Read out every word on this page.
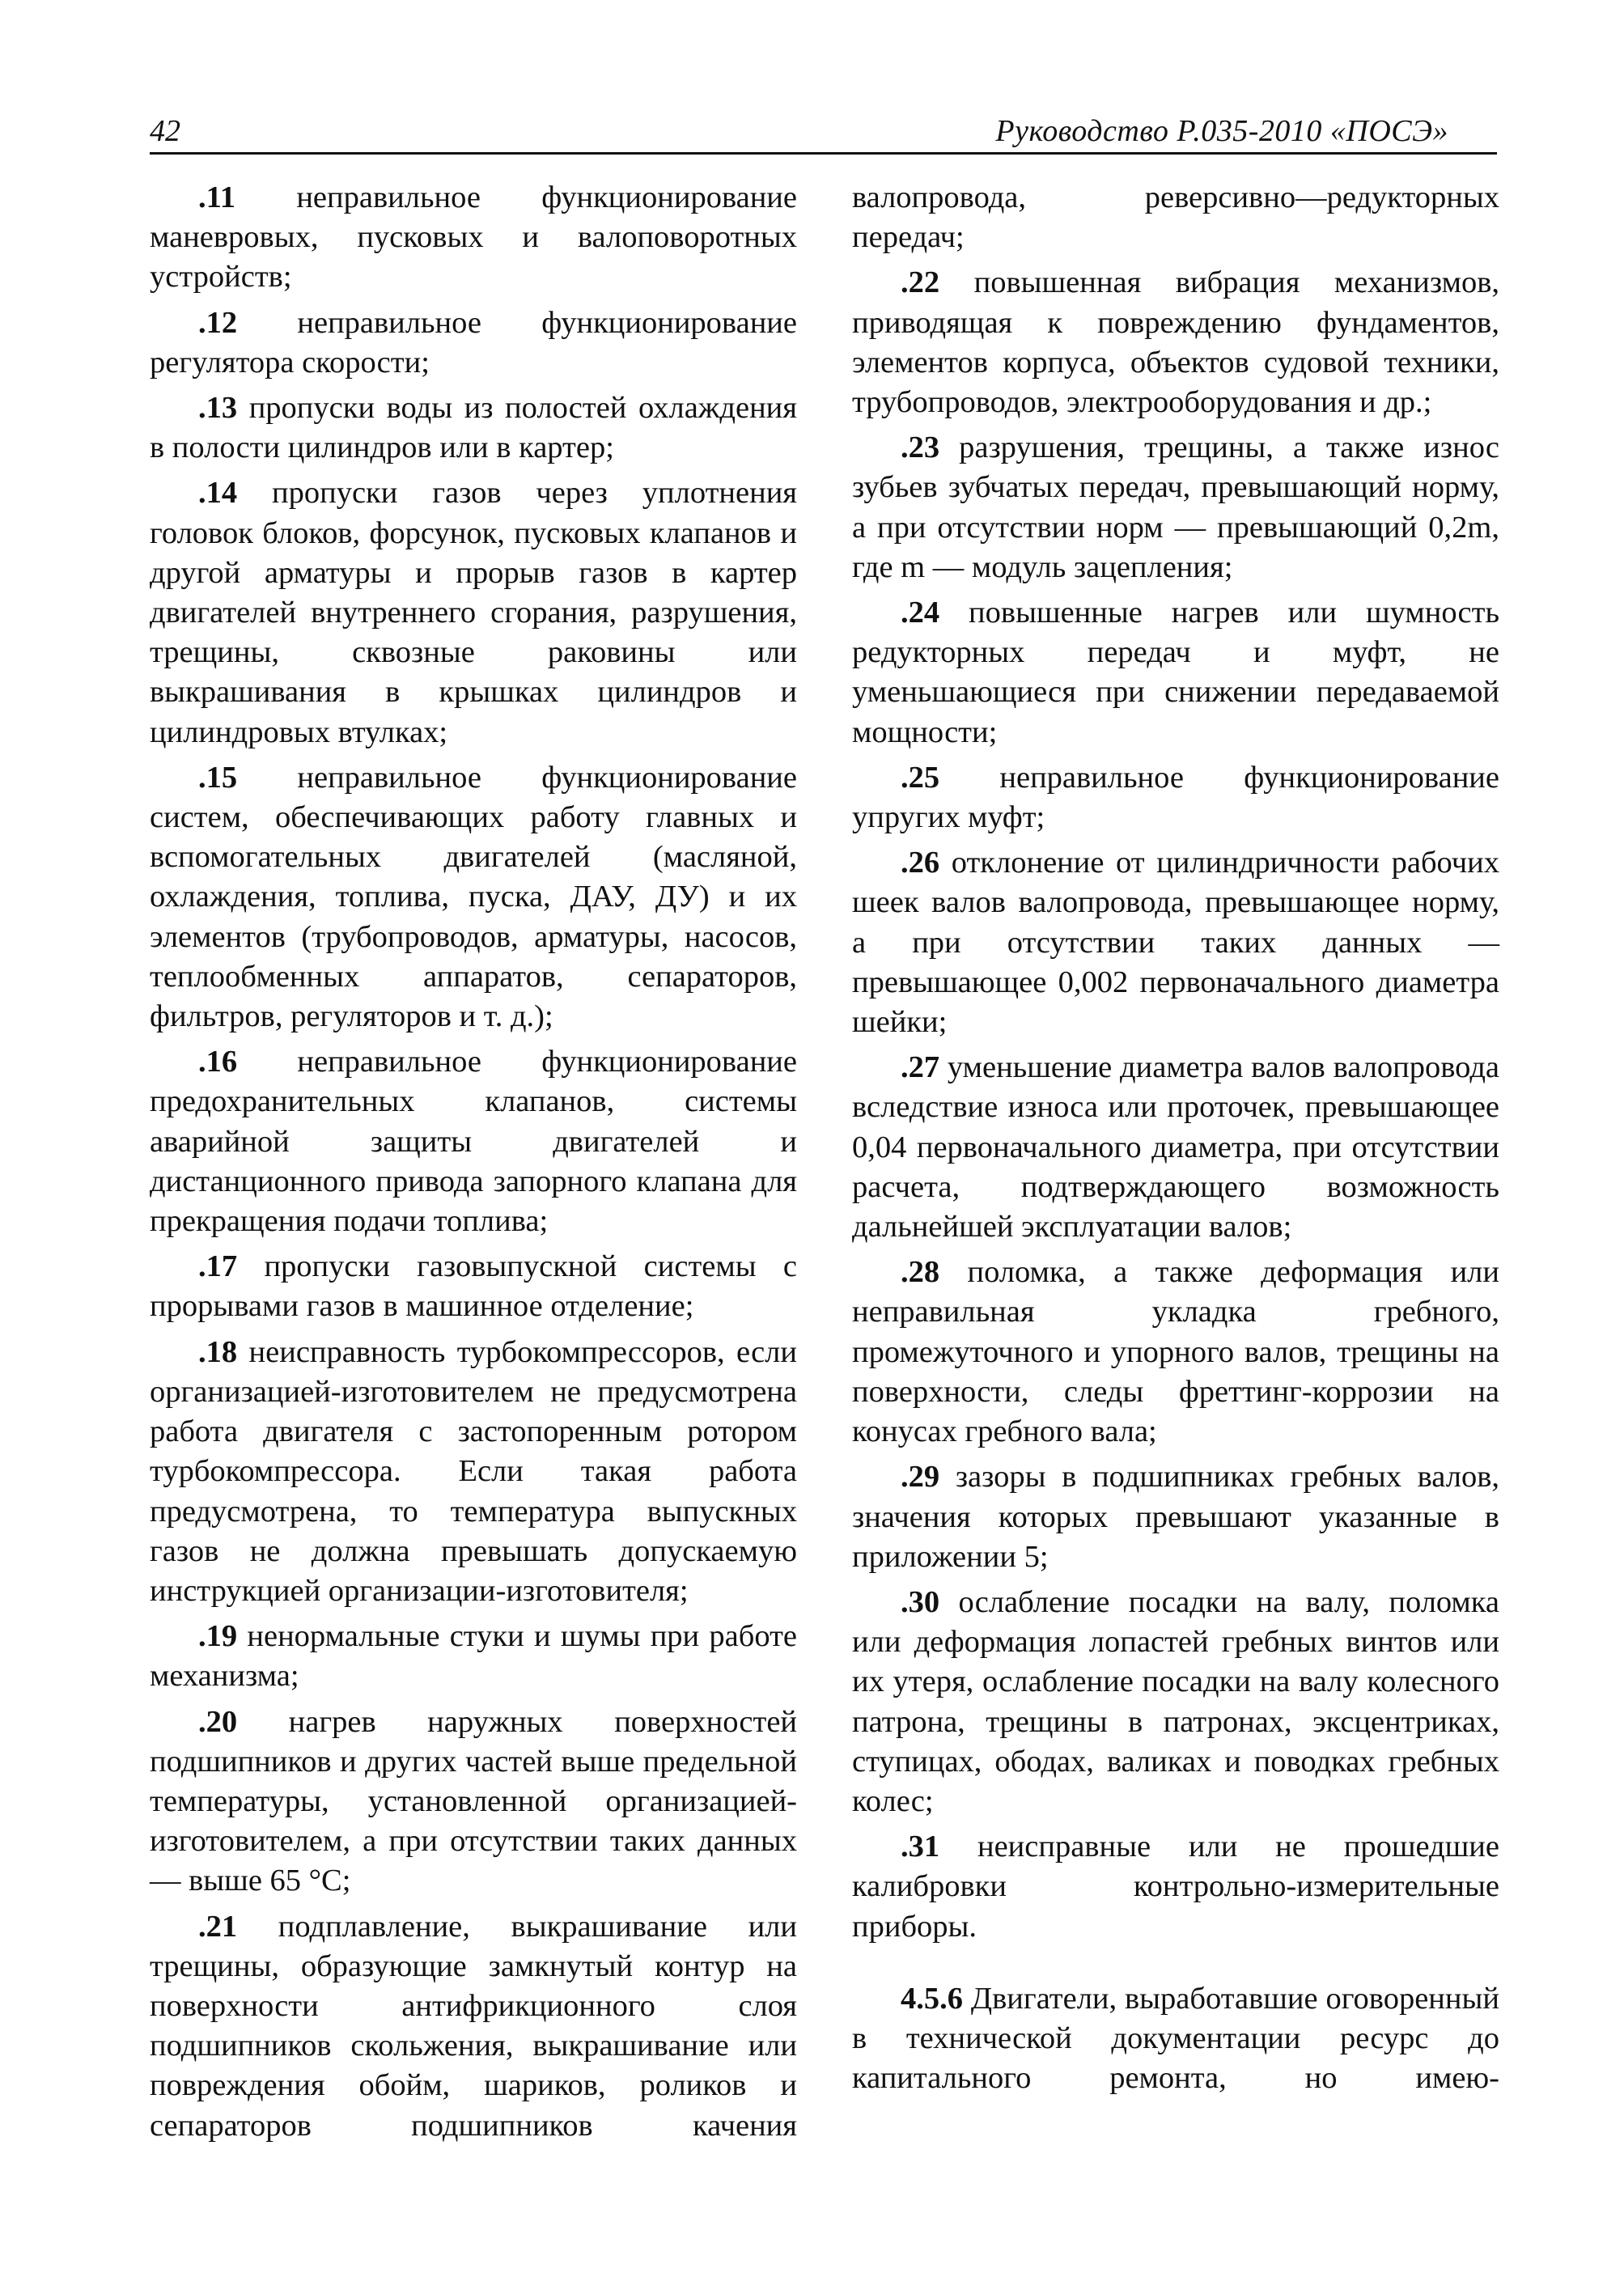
42	Руководство Р.035-2010 «ПОСЭ»

.11 неправильное функционирование маневровых, пусковых и валоповоротных устройств;

.12 неправильное функционирование регулятора скорости;

.13 пропуски воды из полостей охлаждения в полости цилиндров или в картер;

.14 пропуски газов через уплотнения головок блоков, форсунок, пусковых клапанов и другой арматуры и прорыв газов в картер двигателей внутреннего сгорания, разрушения, трещины, сквозные раковины или выкрашивания в крышках цилиндров и цилиндровых втулках;

.15 неправильное функционирование систем, обеспечивающих работу главных и вспомогательных двигателей (масляной, охлаждения, топлива, пуска, ДАУ, ДУ) и их элементов (трубопроводов, арматуры, насосов, теплообменных аппаратов, сепараторов, фильтров, регуляторов и т. д.);

.16 неправильное функционирование предохранительных клапанов, системы аварийной защиты двигателей и дистанционного привода запорного клапана для прекращения подачи топлива;

.17 пропуски газовыпускной системы с прорывами газов в машинное отделение;

.18 неисправность турбокомпрессоров, если организацией-изготовителем не предусмотрена работа двигателя с застопоренным ротором турбокомпрессора. Если такая работа предусмотрена, то температура выпускных газов не должна превышать допускаемую инструкцией организации-изготовителя;

.19 ненормальные стуки и шумы при работе механизма;

.20 нагрев наружных поверхностей подшипников и других частей выше предельной температуры, установленной организацией-изготовителем, а при отсутствии таких данных — выше 65 °С;

.21 подплавление, выкрашивание или трещины, образующие замкнутый контур на поверхности антифрикционного слоя подшипников скольжения, выкрашивание или повреждения обойм, шариков, роликов и сепараторов подшипников качения

валопровода, реверсивно—редукторных передач;

.22 повышенная вибрация механизмов, приводящая к повреждению фундаментов, элементов корпуса, объектов судовой техники, трубопроводов, электрооборудования и др.;

.23 разрушения, трещины, а также износ зубьев зубчатых передач, превышающий норму, а при отсутствии норм — превышающий 0,2m, где m — модуль зацепления;

.24 повышенные нагрев или шумность редукторных передач и муфт, не уменьшающиеся при снижении передаваемой мощности;

.25 неправильное функционирование упругих муфт;

.26 отклонение от цилиндричности рабочих шеек валов валопровода, превышающее норму, а при отсутствии таких данных — превышающее 0,002 первоначального диаметра шейки;

.27 уменьшение диаметра валов валопровода вследствие износа или проточек, превышающее 0,04 первоначального диаметра, при отсутствии расчета, подтверждающего возможность дальнейшей эксплуатации валов;

.28 поломка, а также деформация или неправильная укладка гребного, промежуточного и упорного валов, трещины на поверхности, следы фреттинг-коррозии на конусах гребного вала;

.29 зазоры в подшипниках гребных валов, значения которых превышают указанные в приложении 5;

.30 ослабление посадки на валу, поломка или деформация лопастей гребных винтов или их утеря, ослабление посадки на валу колесного патрона, трещины в патронах, эксцентриках, ступицах, ободах, валиках и поводках гребных колес;

.31 неисправные или не прошедшие калибровки контрольно-измерительные приборы.

4.5.6 Двигатели, выработавшие оговоренный в технической документации ресурс до капитального ремонта, но имею-
